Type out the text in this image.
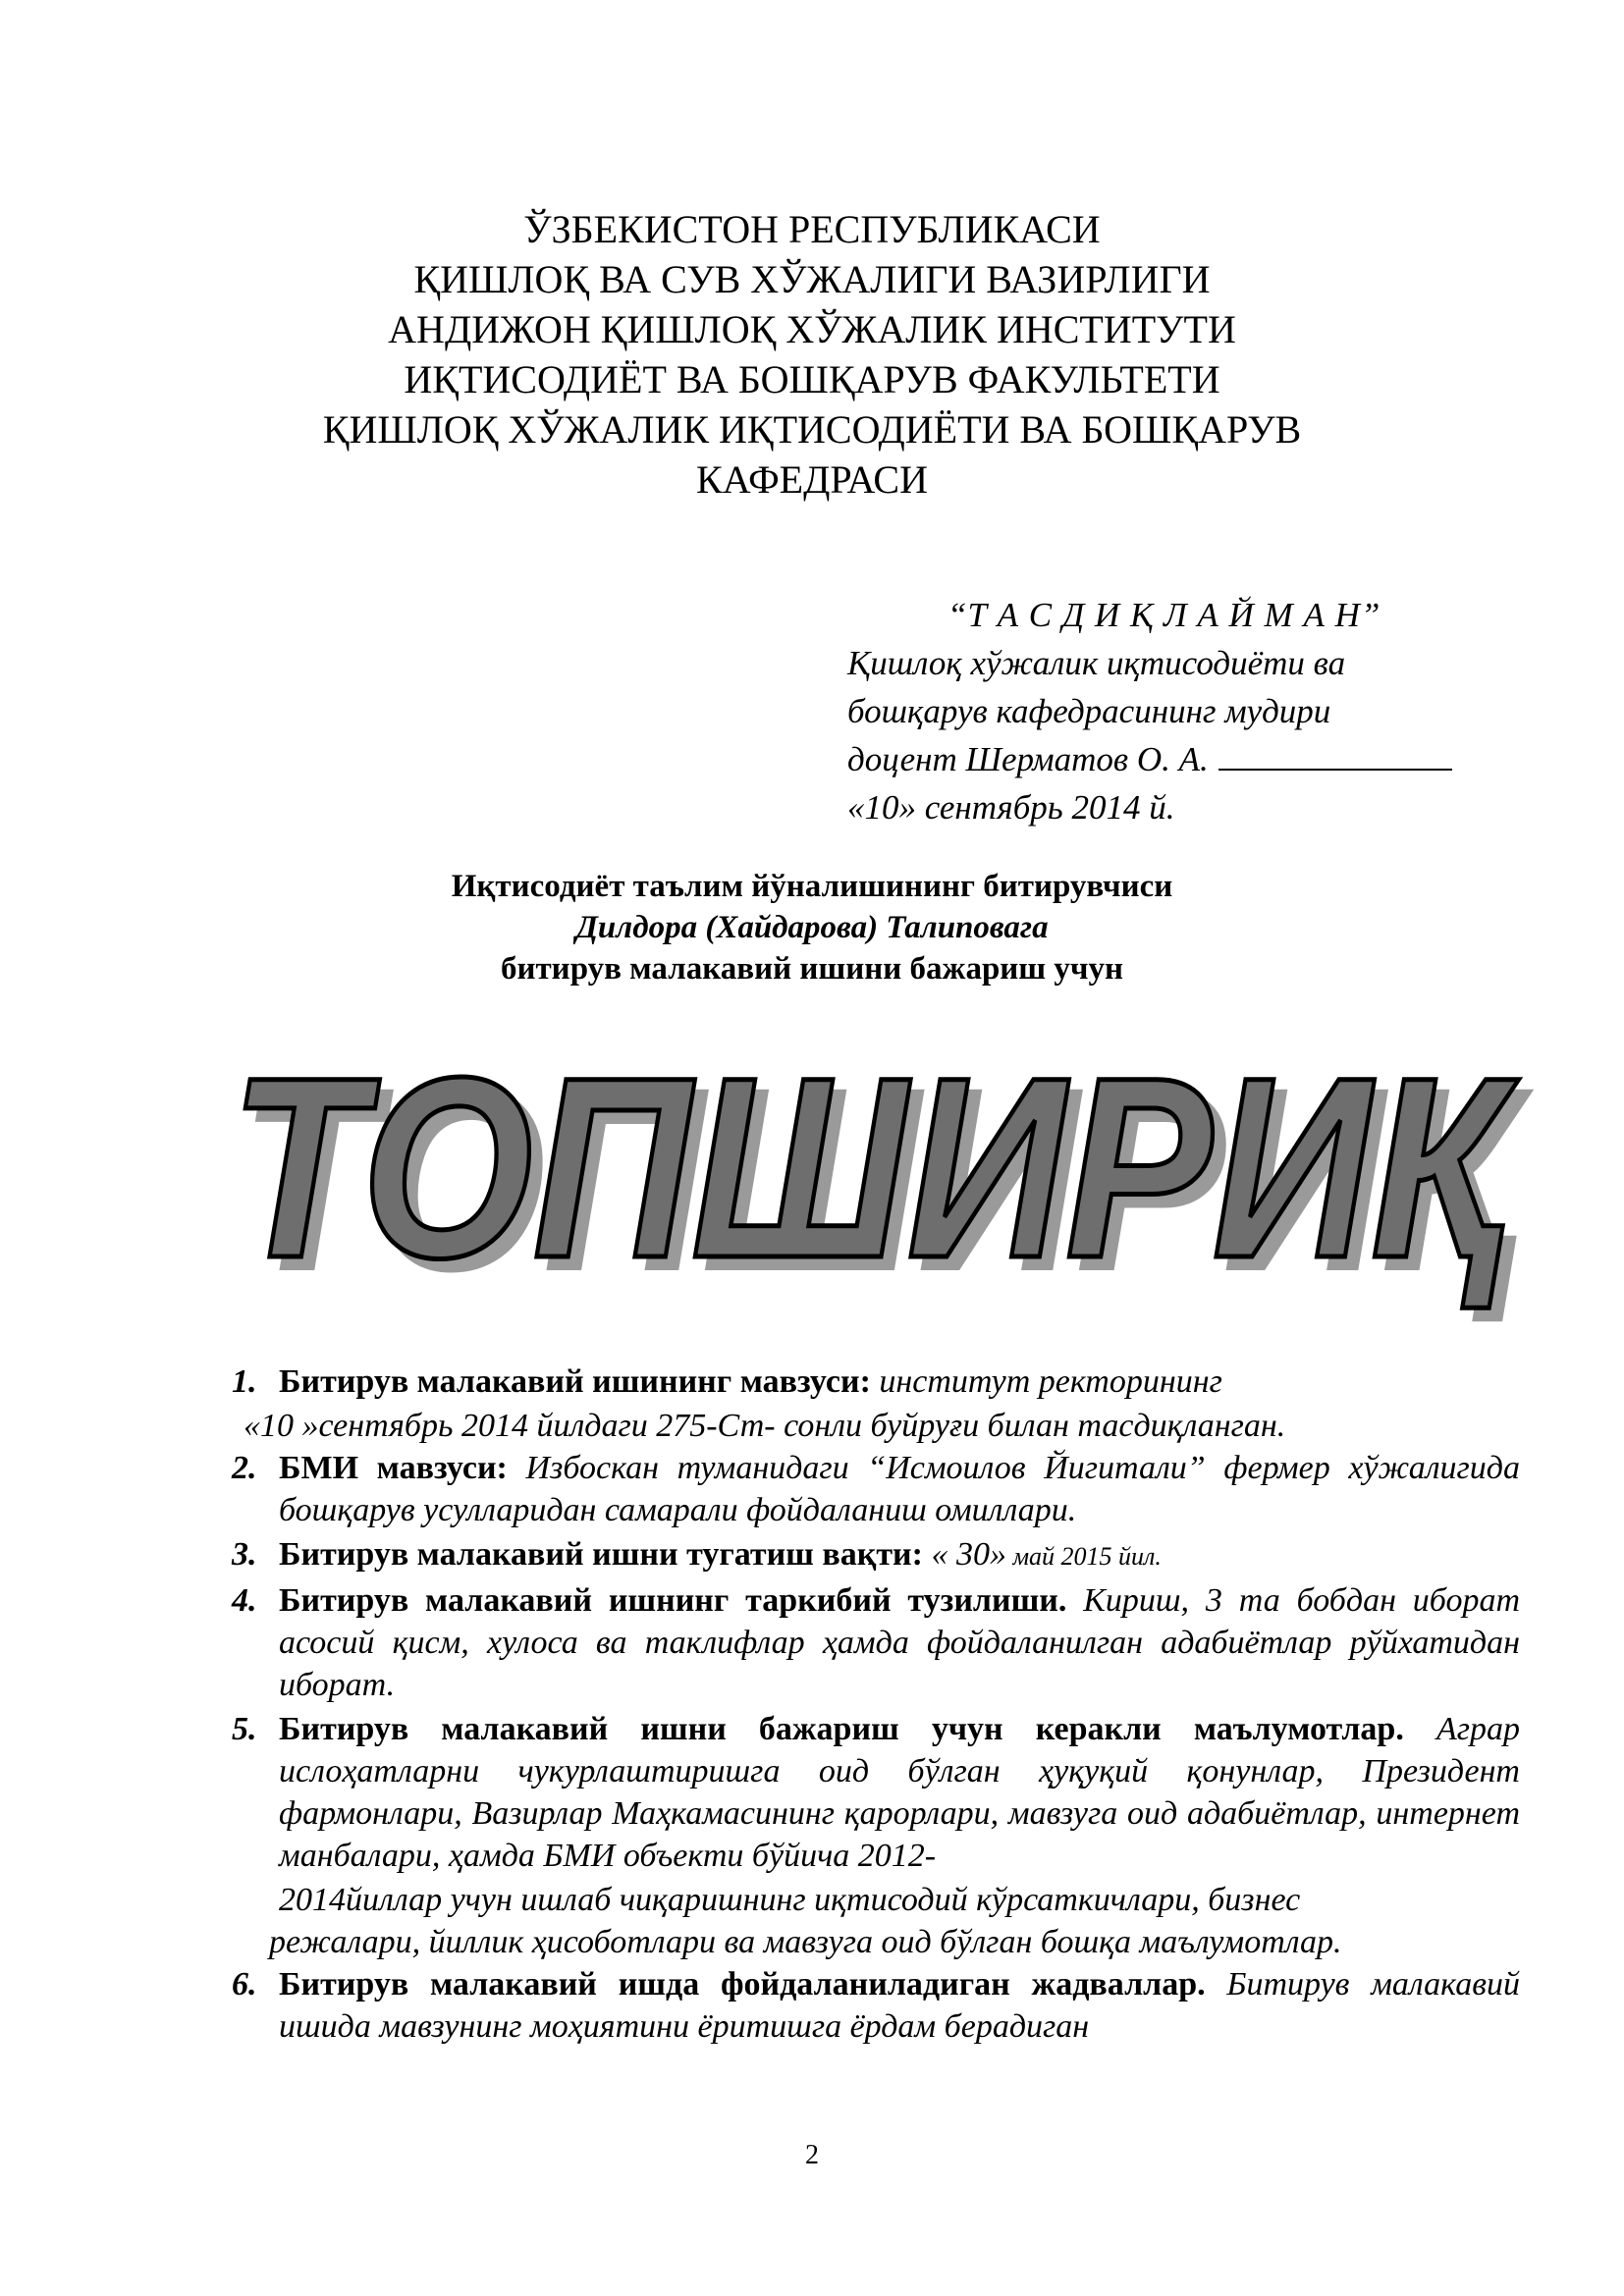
ЎЗБЕКИСТОН РЕСПУБЛИКАСИ
ҚИШЛОҚ ВА СУВ ХЎЖАЛИГИ ВАЗИРЛИГИ
АНДИЖОН ҚИШЛОҚ ХЎЖАЛИК ИНСТИТУТИ
ИҚТИСОДИЁТ ВА БОШҚАРУВ ФАКУЛЬТЕТИ
ҚИШЛОҚ ХЎЖАЛИК ИҚТИСОДИЁТИ ВА БОШҚАРУВ
КАФЕДРАСИ
“Т А С Д И Қ Л А Й М А Н”
Қишлоқ хўжалик иқтисодиёти ва
бошқарув кафедрасининг мудири
доцент Шерматов О. А.
«10» сентябрь 2014 й.
Иқтисодиёт таълим йўналишининг битирувчиси
Дилдора (Хайдарова) Талиповага
битирув малакавий ишини бажариш учун
ТОПШИРИҚ
ТОПШИРИҚ
1. Битирув малакавий ишининг мавзуси: институт ректорининг
«10 »сентябрь 2014 йилдаги 275-Ст- сонли буйруғи билан тасдиқланган.
2. БМИ мавзуси: Избоскан туманидаги “Исмоилов Йигитали” фермер хўжалигида бошқарув усулларидан самарали фойдаланиш омиллари.
3. Битирув малакавий ишни тугатиш вақти: « 30» май 2015 йил.
4. Битирув малакавий ишнинг таркибий тузилиши. Кириш, 3 та бобдан иборат асосий қисм, хулоса ва таклифлар ҳамда фойдаланилган адабиётлар рўйхатидан иборат.
5. Битирув малакавий ишни бажариш учун керакли маълумотлар. Аграр ислоҳатларни чукурлаштиришга оид бўлган ҳуқуқий қонунлар, Президент фармонлари, Вазирлар Маҳкамасининг қарорлари, мавзуга оид адабиётлар, интернет манбалари, ҳамда БМИ объекти бўйича 2012-
2014йиллар учун ишлаб чиқаришнинг иқтисодий кўрсаткичлари, бизнес
режалари, йиллик ҳисоботлари ва мавзуга оид бўлган бошқа маълумотлар.
6. Битирув малакавий ишда фойдаланиладиган жадваллар. Битирув малакавий ишида мавзунинг моҳиятини ёритишга ёрдам берадиган
2
